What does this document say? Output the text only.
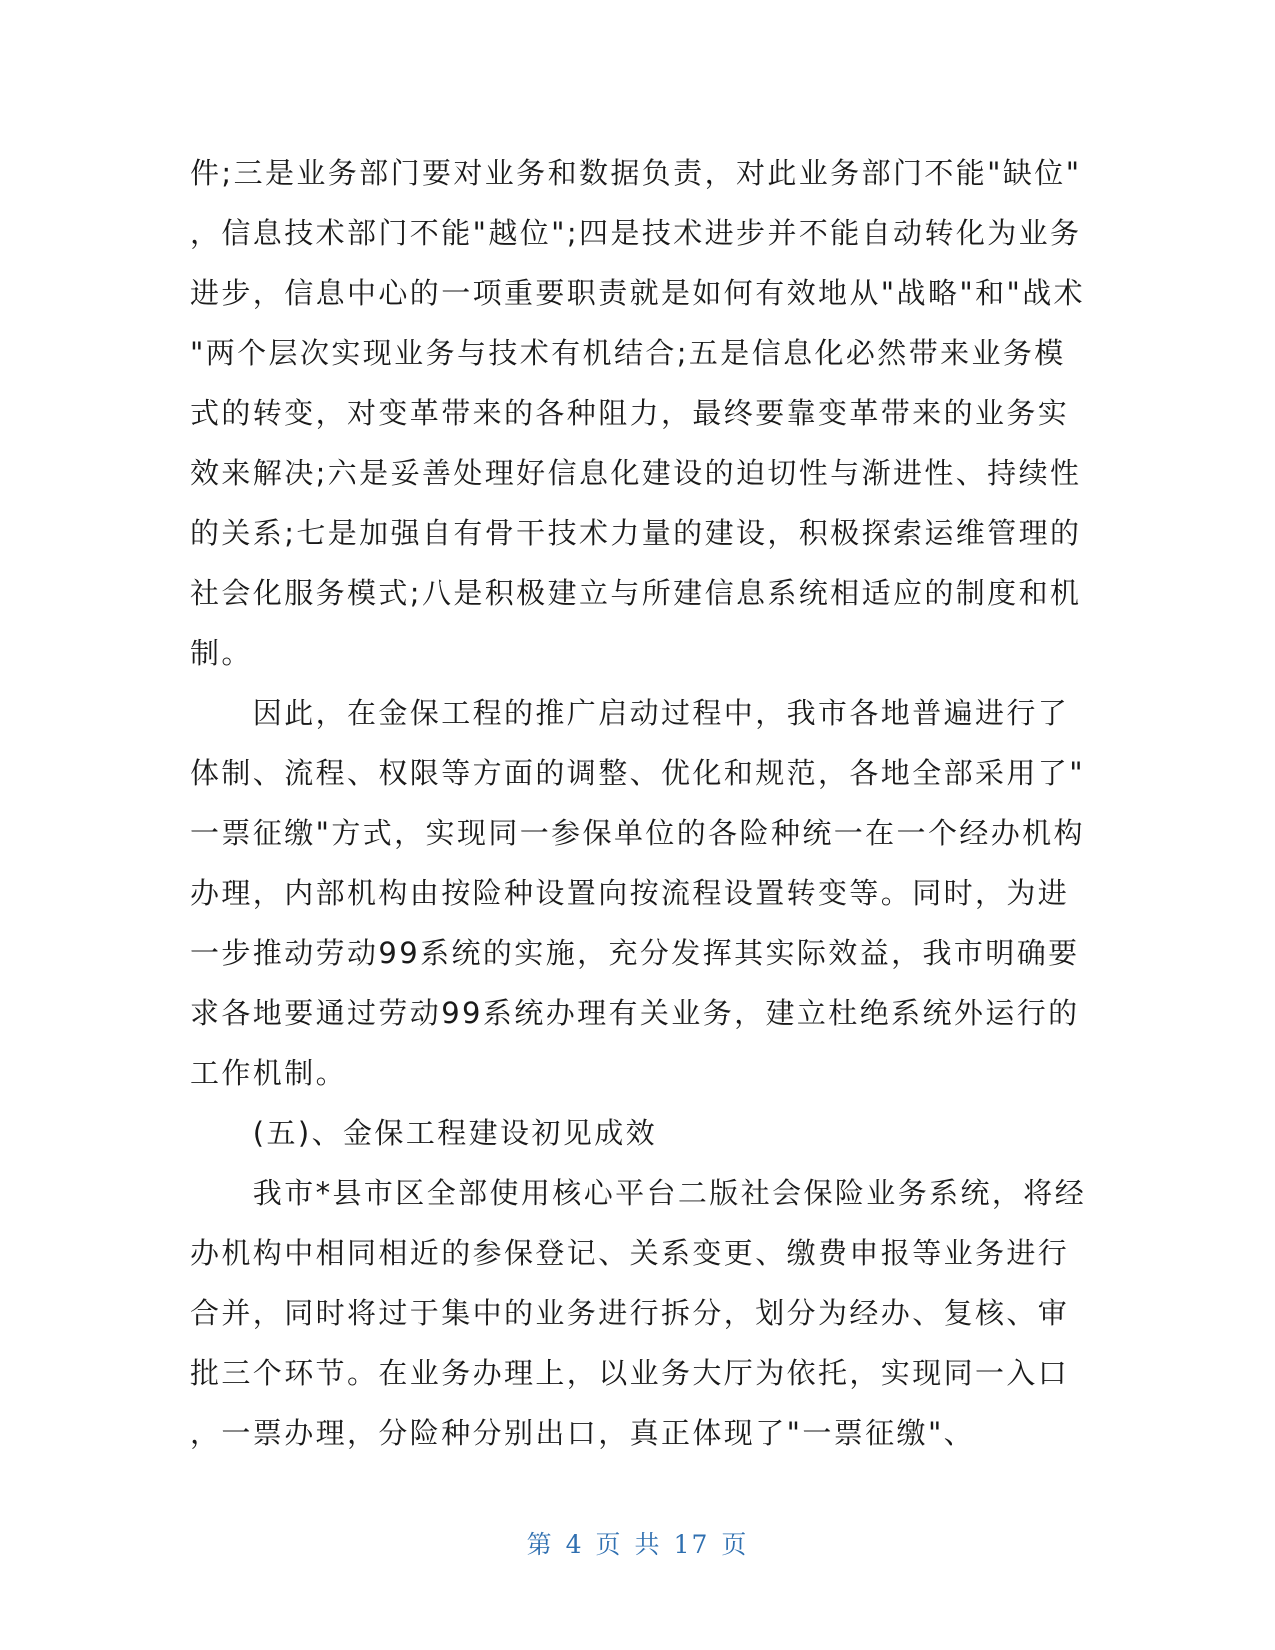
件;三是业务部门要对业务和数据负责，对此业务部门不能"缺位"
，信息技术部门不能"越位";四是技术进步并不能自动转化为业务
进步，信息中心的一项重要职责就是如何有效地从"战略"和"战术
"两个层次实现业务与技术有机结合;五是信息化必然带来业务模
式的转变，对变革带来的各种阻力，最终要靠变革带来的业务实
效来解决;六是妥善处理好信息化建设的迫切性与渐进性、持续性
的关系;七是加强自有骨干技术力量的建设，积极探索运维管理的
社会化服务模式;八是积极建立与所建信息系统相适应的制度和机
制。
　　因此，在金保工程的推广启动过程中，我市各地普遍进行了
体制、流程、权限等方面的调整、优化和规范，各地全部采用了"
一票征缴"方式，实现同一参保单位的各险种统一在一个经办机构
办理，内部机构由按险种设置向按流程设置转变等。同时，为进
一步推动劳动99系统的实施，充分发挥其实际效益，我市明确要
求各地要通过劳动99系统办理有关业务，建立杜绝系统外运行的
工作机制。
　　(五)、金保工程建设初见成效
　　我市*县市区全部使用核心平台二版社会保险业务系统，将经
办机构中相同相近的参保登记、关系变更、缴费申报等业务进行
合并，同时将过于集中的业务进行拆分，划分为经办、复核、审
批三个环节。在业务办理上，以业务大厅为依托，实现同一入口
，一票办理，分险种分别出口，真正体现了"一票征缴"、
第 4 页 共 17 页
